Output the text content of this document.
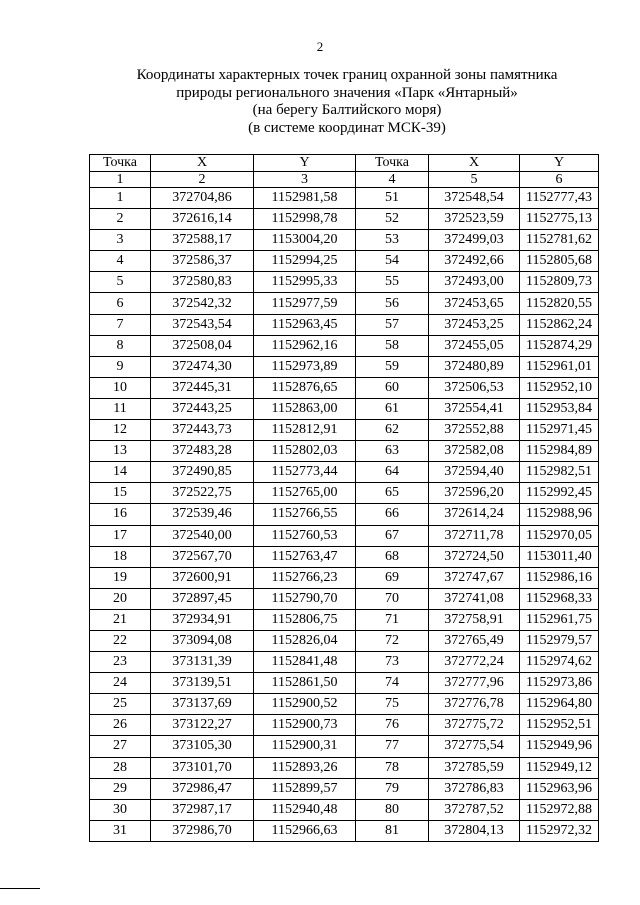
2
Координаты характерных точек границ охранной зоны памятника
природы регионального значения «Парк «Янтарный»
(на берегу Балтийского моря)
(в системе координат МСК-39)
Точка	X	Y	Точка	X	Y
1	2	3	4	5	6
1	372704,86	1152981,58	51	372548,54	1152777,43
2	372616,14	1152998,78	52	372523,59	1152775,13
3	372588,17	1153004,20	53	372499,03	1152781,62
4	372586,37	1152994,25	54	372492,66	1152805,68
5	372580,83	1152995,33	55	372493,00	1152809,73
6	372542,32	1152977,59	56	372453,65	1152820,55
7	372543,54	1152963,45	57	372453,25	1152862,24
8	372508,04	1152962,16	58	372455,05	1152874,29
9	372474,30	1152973,89	59	372480,89	1152961,01
10	372445,31	1152876,65	60	372506,53	1152952,10
11	372443,25	1152863,00	61	372554,41	1152953,84
12	372443,73	1152812,91	62	372552,88	1152971,45
13	372483,28	1152802,03	63	372582,08	1152984,89
14	372490,85	1152773,44	64	372594,40	1152982,51
15	372522,75	1152765,00	65	372596,20	1152992,45
16	372539,46	1152766,55	66	372614,24	1152988,96
17	372540,00	1152760,53	67	372711,78	1152970,05
18	372567,70	1152763,47	68	372724,50	1153011,40
19	372600,91	1152766,23	69	372747,67	1152986,16
20	372897,45	1152790,70	70	372741,08	1152968,33
21	372934,91	1152806,75	71	372758,91	1152961,75
22	373094,08	1152826,04	72	372765,49	1152979,57
23	373131,39	1152841,48	73	372772,24	1152974,62
24	373139,51	1152861,50	74	372777,96	1152973,86
25	373137,69	1152900,52	75	372776,78	1152964,80
26	373122,27	1152900,73	76	372775,72	1152952,51
27	373105,30	1152900,31	77	372775,54	1152949,96
28	373101,70	1152893,26	78	372785,59	1152949,12
29	372986,47	1152899,57	79	372786,83	1152963,96
30	372987,17	1152940,48	80	372787,52	1152972,88
31	372986,70	1152966,63	81	372804,13	1152972,32
